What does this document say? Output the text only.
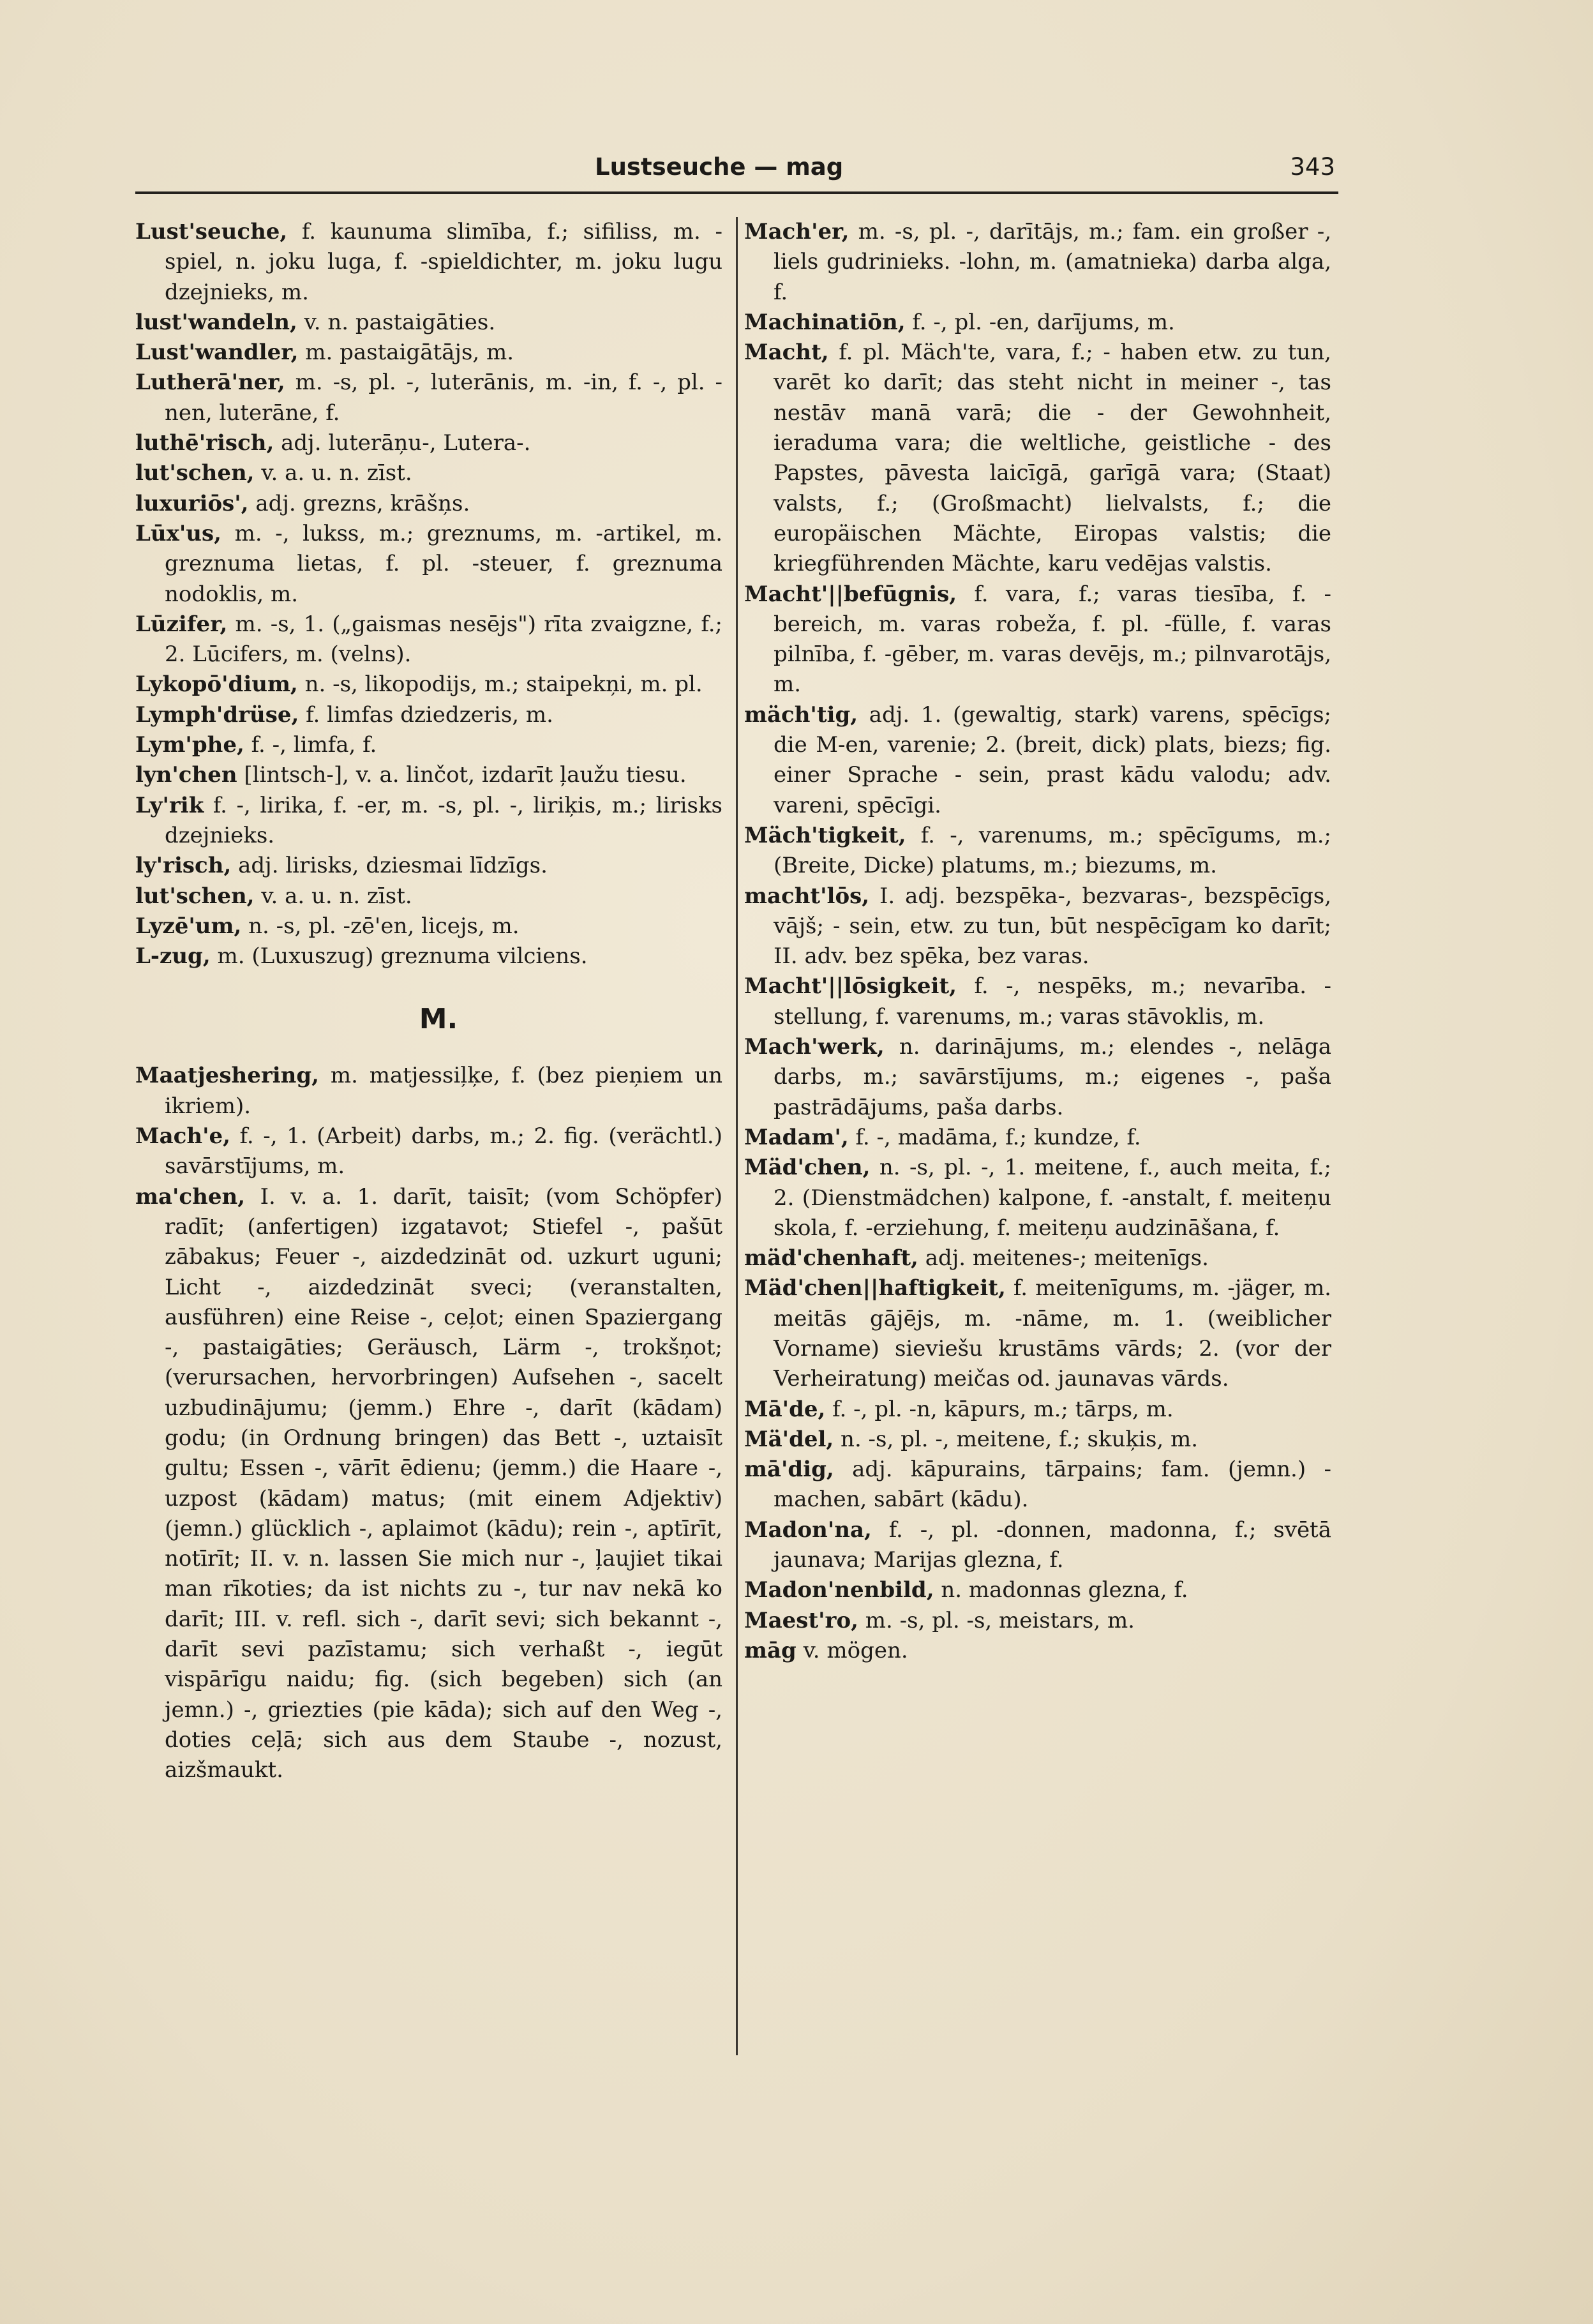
Lustseuche — mag	343

Lust'seuche, f. kaunuma slimība, f.; sifiliss, m. -spiel, n. joku luga, f. -spieldichter, m. joku lugu dzejnieks, m.

lust'wandeln, v. n. pastaigāties.

Lust'wandler, m. pastaigātājs, m.

Lutherā'ner, m. -s, pl. -, luterānis, m. -in, f. -, pl. -nen, luterāne, f.

luthē'risch, adj. luterāņu-, Lutera-.

lut'schen, v. a. u. n. zīst.

luxuriōs', adj. grezns, krāšņs.

Lūx'us, m. -, lukss, m.; greznums, m. -artikel, m. greznuma lietas, f. pl. -steuer, f. greznuma nodoklis, m.

Lūzifer, m. -s, 1. („gaismas nesējs") rīta zvaigzne, f.; 2. Lūcifers, m. (velns).

Lykopō'dium, n. -s, likopodijs, m.; staipekņi, m. pl.

Lymph'drüse, f. limfas dziedzeris, m.

Lym'phe, f. -, limfa, f.

lyn'chen [lintsch-], v. a. linčot, izdarīt ļaužu tiesu.

Ly'rik f. -, lirika, f. -er, m. -s, pl. -, liriķis, m.; lirisks dzejnieks.

ly'risch, adj. lirisks, dziesmai līdzīgs.

lut'schen, v. a. u. n. zīst.

Lyzē'um, n. -s, pl. -zē'en, licejs, m.

L-zug, m. (Luxuszug) greznuma vilciens.

M.

Maatjeshering, m. matjessiļķe, f. (bez pieņiem un ikriem).

Mach'e, f. -, 1. (Arbeit) darbs, m.; 2. fig. (verächtl.) savārstījums, m.

ma'chen, I. v. a. 1. darīt, taisīt; (vom Schöpfer) radīt; (anfertigen) izgatavot; Stiefel -, pašūt zābakus; Feuer -, aizdedzināt od. uzkurt uguni; Licht -, aizdedzināt sveci; (veranstalten, ausführen) eine Reise -, ceļot; einen Spaziergang -, pastaigāties; Geräusch, Lärm -, trokšņot; (verursachen, hervorbringen) Aufsehen -, sacelt uzbudinājumu; (jemm.) Ehre -, darīt (kādam) godu; (in Ordnung bringen) das Bett -, uztaisīt gultu; Essen -, vārīt ēdienu; (jemm.) die Haare -, uzpost (kādam) matus; (mit einem Adjektiv) (jemn.) glücklich -, aplaimot (kādu); rein -, aptīrīt, notīrīt; II. v. n. lassen Sie mich nur -, ļaujiet tikai man rīkoties; da ist nichts zu -, tur nav nekā ko darīt; III. v. refl. sich -, darīt sevi; sich bekannt -, darīt sevi pazīstamu; sich verhaßt -, iegūt vispārīgu naidu; fig. (sich begeben) sich (an jemn.) -, griezties (pie kāda); sich auf den Weg -, doties ceļā; sich aus dem Staube -, nozust, aizšmaukt.

Mach'er, m. -s, pl. -, darītājs, m.; fam. ein großer -, liels gudrinieks. -lohn, m. (amatnieka) darba alga, f.

Machinatiōn, f. -, pl. -en, darījums, m.

Macht, f. pl. Mäch'te, vara, f.; - haben etw. zu tun, varēt ko darīt; das steht nicht in meiner -, tas nestāv manā varā; die - der Gewohnheit, ieraduma vara; die weltliche, geistliche - des Papstes, pāvesta laicīgā, garīgā vara; (Staat) valsts, f.; (Großmacht) lielvalsts, f.; die europäischen Mächte, Eiropas valstis; die kriegführenden Mächte, karu vedējas valstis.

Macht'||befūgnis, f. vara, f.; varas tiesība, f. -bereich, m. varas robeža, f. pl. -fülle, f. varas pilnība, f. -gēber, m. varas devējs, m.; pilnvarotājs, m.

mäch'tig, adj. 1. (gewaltig, stark) varens, spēcīgs; die M-en, varenie; 2. (breit, dick) plats, biezs; fig. einer Sprache - sein, prast kādu valodu; adv. vareni, spēcīgi.

Mäch'tigkeit, f. -, varenums, m.; spēcīgums, m.; (Breite, Dicke) platums, m.; biezums, m.

macht'lōs, I. adj. bezspēka-, bezvaras-, bezspēcīgs, vājš; - sein, etw. zu tun, būt nespēcīgam ko darīt; II. adv. bez spēka, bez varas.

Macht'||lōsigkeit, f. -, nespēks, m.; nevarība. -stellung, f. varenums, m.; varas stāvoklis, m.

Mach'werk, n. darinājums, m.; elendes -, nelāga darbs, m.; savārstījums, m.; eigenes -, paša pastrādājums, paša darbs.

Madam', f. -, madāma, f.; kundze, f.

Mäd'chen, n. -s, pl. -, 1. meitene, f., auch meita, f.; 2. (Dienstmädchen) kalpone, f. -anstalt, f. meiteņu skola, f. -erziehung, f. meiteņu audzināšana, f.

mäd'chenhaft, adj. meitenes-; meitenīgs.

Mäd'chen||haftigkeit, f. meitenīgums, m. -jäger, m. meitās gājējs, m. -nāme, m. 1. (weiblicher Vorname) sieviešu krustāms vārds; 2. (vor der Verheiratung) meičas od. jaunavas vārds.

Mā'de, f. -, pl. -n, kāpurs, m.; tārps, m.

Mä'del, n. -s, pl. -, meitene, f.; skuķis, m.

mā'dig, adj. kāpurains, tārpains; fam. (jemn.) - machen, sabārt (kādu).

Madon'na, f. -, pl. -donnen, madonna, f.; svētā jaunava; Marijas glezna, f.

Madon'nenbild, n. madonnas glezna, f.

Maest'ro, m. -s, pl. -s, meistars, m.

māg v. mögen.
